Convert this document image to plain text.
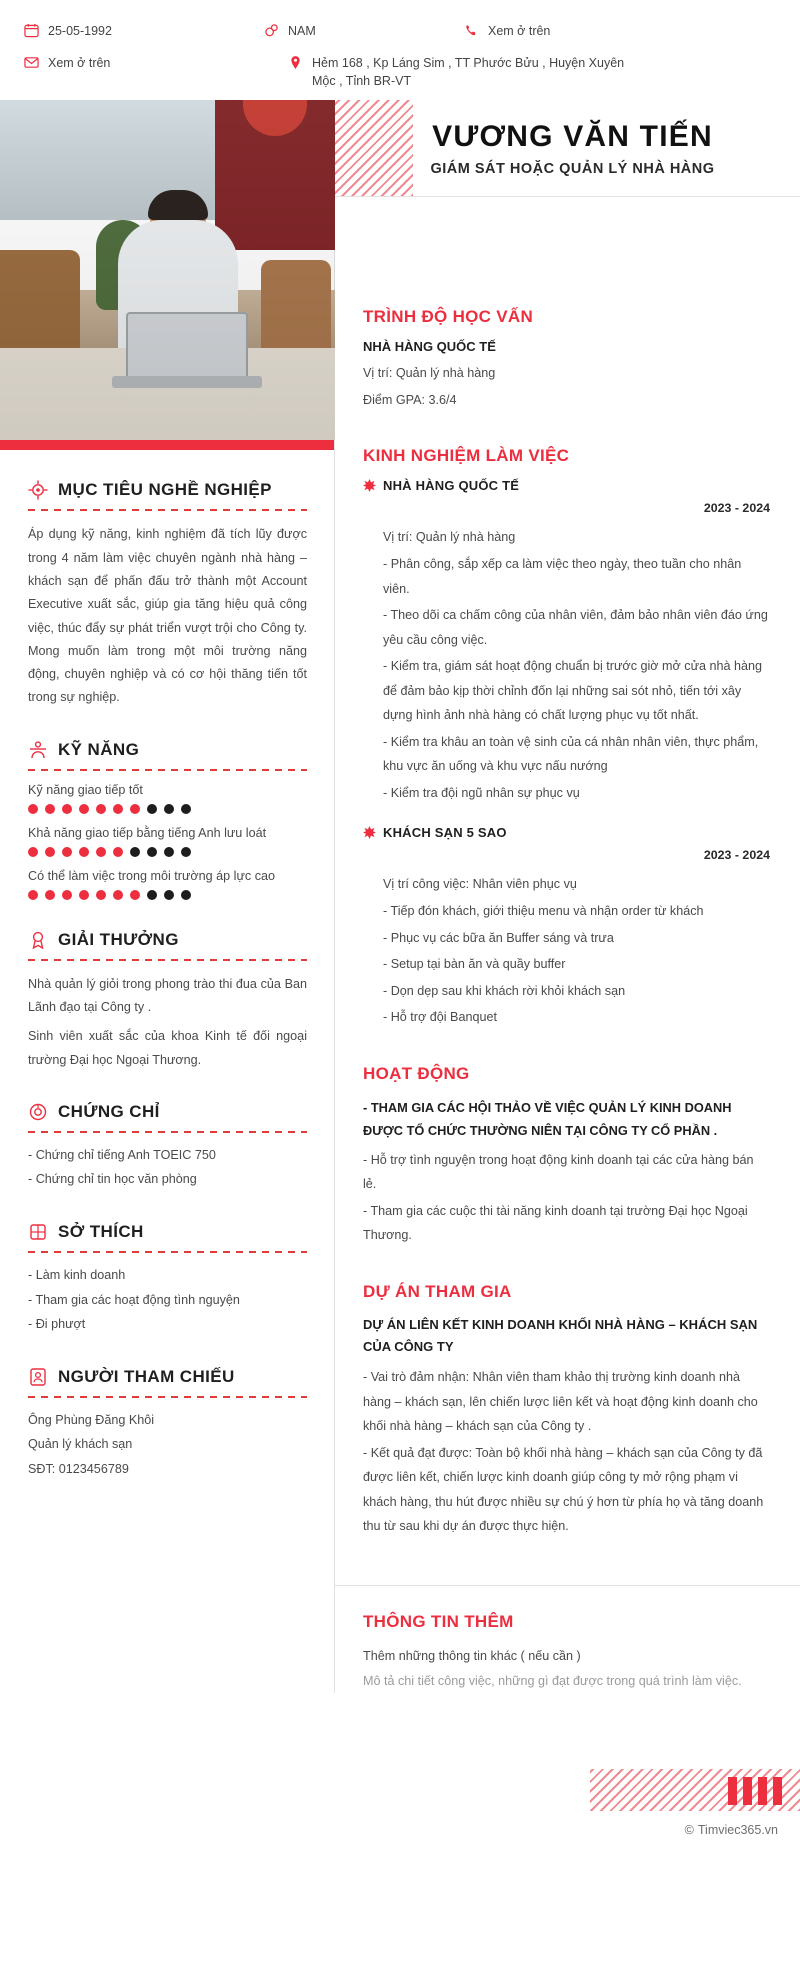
25-05-1992	NAM	Xem ở trên
Xem ở trên	Hẻm 168 , Kp Láng Sim , TT Phước Bửu , Huyện Xuyên Mộc , Tỉnh BR-VT
MỤC TIÊU NGHỀ NGHIỆP
Áp dụng kỹ năng, kinh nghiệm đã tích lũy được trong 4 năm làm việc chuyên ngành nhà hàng – khách sạn để phấn đấu trở thành một Account Executive xuất sắc, giúp gia tăng hiệu quả công việc, thúc đẩy sự phát triển vượt trội cho Công ty. Mong muốn làm trong một môi trường năng động, chuyên nghiệp và có cơ hội thăng tiến tốt trong sự nghiệp.
KỸ NĂNG
Kỹ năng giao tiếp tốt
Khả năng giao tiếp bằng tiếng Anh lưu loát
Có thể làm việc trong môi trường áp lực cao
GIẢI THƯỞNG
Nhà quản lý giỏi trong phong trào thi đua của Ban Lãnh đạo tại Công ty .
Sinh viên xuất sắc của khoa Kinh tế đối ngoại trường Đại học Ngoại Thương.
CHỨNG CHỈ
- Chứng chỉ tiếng Anh TOEIC 750
- Chứng chỉ tin học văn phòng
SỞ THÍCH
- Làm kinh doanh
- Tham gia các hoạt động tình nguyện
- Đi phượt
NGƯỜI THAM CHIẾU
Ông Phùng Đăng Khôi
Quản lý khách sạn
SĐT: 0123456789
VƯƠNG VĂN TIẾN
GIÁM SÁT HOẶC QUẢN LÝ NHÀ HÀNG
TRÌNH ĐỘ HỌC VẤN
NHÀ HÀNG QUỐC TẾ

Vị trí: Quản lý nhà hàng

Điểm GPA: 3.6/4

KINH NGHIỆM LÀM VIỆC
NHÀ HÀNG QUỐC TẾ
2023 - 2024

Vị trí: Quản lý nhà hàng

- Phân công, sắp xếp ca làm việc theo ngày, theo tuần cho nhân viên.

- Theo dõi ca chấm công của nhân viên, đảm bảo nhân viên đáo ứng yêu cầu công việc.

- Kiểm tra, giám sát hoạt động chuẩn bị trước giờ mở cửa nhà hàng để đảm bảo kịp thời chỉnh đốn lại những sai sót nhỏ, tiến tới xây dựng hình ảnh nhà hàng có chất lượng phục vụ tốt nhất.

- Kiểm tra khâu an toàn vệ sinh của cá nhân nhân viên, thực phẩm, khu vực ăn uống và khu vực nấu nướng

- Kiểm tra đội ngũ nhân sự phục vụ

KHÁCH SẠN 5 SAO
2023 - 2024

Vị trí công việc: Nhân viên phục vụ

- Tiếp đón khách, giới thiệu menu và nhận order từ khách

- Phục vụ các bữa ăn Buffer sáng và trưa

- Setup tại bàn ăn và quầy buffer

- Dọn dẹp sau khi khách rời khỏi khách sạn

- Hỗ trợ đội Banquet

HOẠT ĐỘNG
- THAM GIA CÁC HỘI THẢO VỀ VIỆC QUẢN LÝ KINH DOANH ĐƯỢC TỔ CHỨC THƯỜNG NIÊN TẠI CÔNG TY CỔ PHẦN .

- Hỗ trợ tình nguyện trong hoạt động kinh doanh tại các cửa hàng bán lẻ.

- Tham gia các cuộc thi tài năng kinh doanh tại trường Đại học Ngoại Thương.

DỰ ÁN THAM GIA
DỰ ÁN LIÊN KẾT KINH DOANH KHỐI NHÀ HÀNG – KHÁCH SẠN CỦA CÔNG TY

- Vai trò đảm nhận: Nhân viên tham khảo thị trường kinh doanh nhà hàng – khách sạn, lên chiến lược liên kết và hoạt động kinh doanh cho khối nhà hàng – khách sạn của Công ty .

- Kết quả đạt được: Toàn bộ khối nhà hàng – khách sạn của Công ty đã được liên kết, chiến lược kinh doanh giúp công ty mở rộng phạm vi khách hàng, thu hút được nhiều sự chú ý hơn từ phía họ và tăng doanh thu từ sau khi dự án được thực hiện.

THÔNG TIN THÊM
Thêm những thông tin khác ( nếu cần )
Mô tả chi tiết công việc, những gì đạt được trong quá trình làm việc.
© Timviec365.vn
